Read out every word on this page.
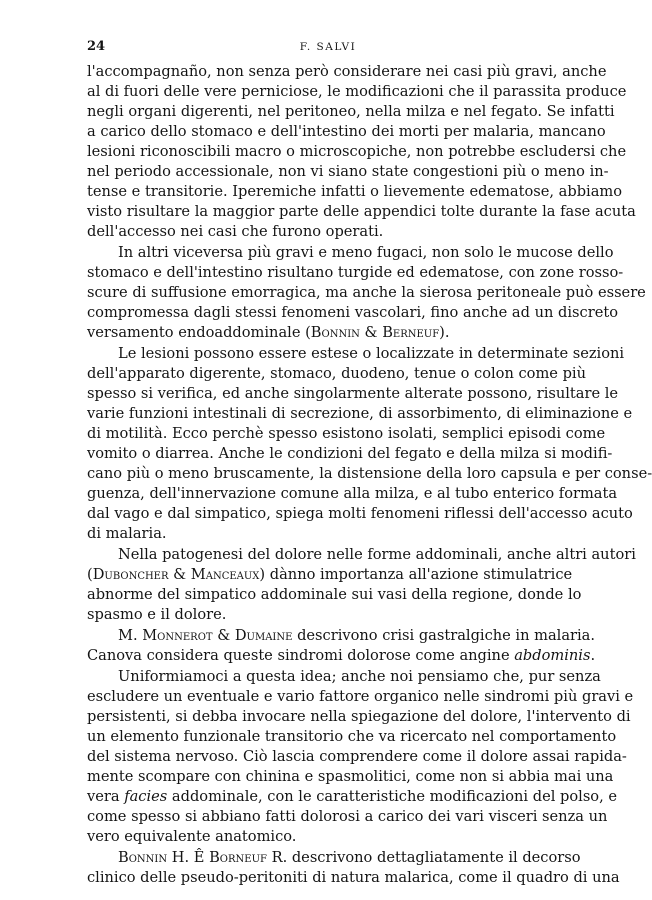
24	F. SALVI
l'accompagnaño, non senza però considerare nei casi più gravi, anche
al di fuori delle vere perniciose, le modificazioni che il parassita produce
negli organi digerenti, nel peritoneo, nella milza e nel fegato. Se infatti
a carico dello stomaco e dell'intestino dei morti per malaria, mancano
lesioni riconoscibili macro o microscopiche, non potrebbe escludersi che
nel periodo accessionale, non vi siano state congestioni più o meno in-
tense e transitorie. Iperemiche infatti o lievemente edematose, abbiamo
visto risultare la maggior parte delle appendici tolte durante la fase acuta
dell'accesso nei casi che furono operati.
In altri viceversa più gravi e meno fugaci, non solo le mucose dello
stomaco e dell'intestino risultano turgide ed edematose, con zone rosso-
scure di suffusione emorragica, ma anche la sierosa peritoneale può essere
compromessa dagli stessi fenomeni vascolari, fino anche ad un discreto
versamento endoaddominale (Bonnin & Berneuf).
Le lesioni possono essere estese o localizzate in determinate sezioni
dell'apparato digerente, stomaco, duodeno, tenue o colon come più
spesso si verifica, ed anche singolarmente alterate possono, risultare le
varie funzioni intestinali di secrezione, di assorbimento, di eliminazione e
di motilità. Ecco perchè spesso esistono isolati, semplici episodi come
vomito o diarrea. Anche le condizioni del fegato e della milza si modifi-
cano più o meno bruscamente, la distensione della loro capsula e per conse-
guenza, dell'innervazione comune alla milza, e al tubo enterico formata
dal vago e dal simpatico, spiega molti fenomeni riflessi dell'accesso acuto
di malaria.
Nella patogenesi del dolore nelle forme addominali, anche altri autori
(Duboncher & Manceaux) dànno importanza all'azione stimulatrice
abnorme del simpatico addominale sui vasi della regione, donde lo
spasmo e il dolore.
M. Monnerot & Dumaine descrivono crisi gastralgiche in malaria.
Canova considera queste sindromi dolorose come angine abdominis.
Uniformiamoci a questa idea; anche noi pensiamo che, pur senza
escludere un eventuale e vario fattore organico nelle sindromi più gravi e
persistenti, si debba invocare nella spiegazione del dolore, l'intervento di
un elemento funzionale transitorio che va ricercato nel comportamento
del sistema nervoso. Ciò lascia comprendere come il dolore assai rapida-
mente scompare con chinina e spasmolitici, come non si abbia mai una
vera facies addominale, con le caratteristiche modificazioni del polso, e
come spesso si abbiano fatti dolorosi a carico dei vari visceri senza un
vero equivalente anatomico.
Bonnin H. Ê Borneuf R. descrivono dettagliatamente il decorso
clinico delle pseudo-peritoniti di natura malarica, come il quadro di una
